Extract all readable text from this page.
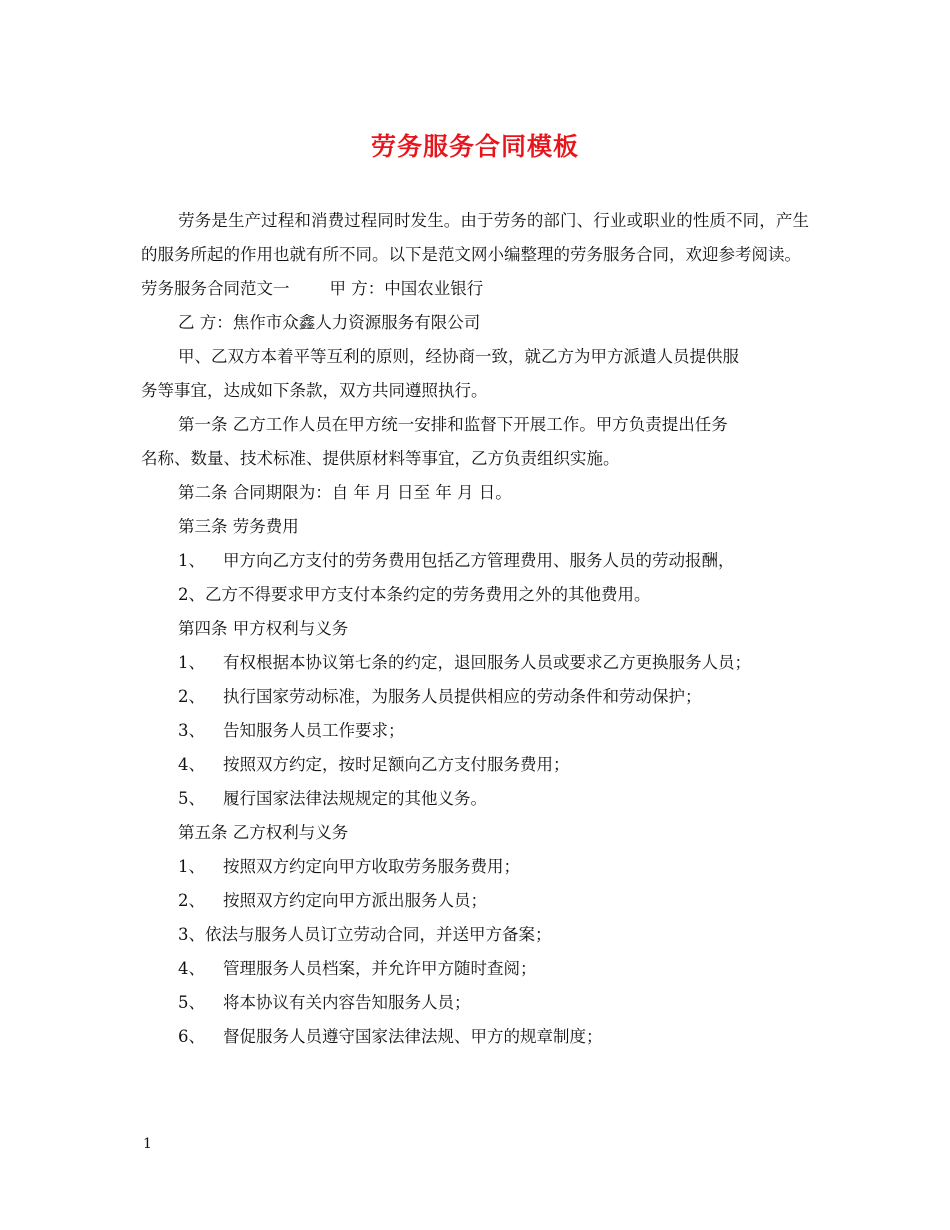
劳务服务合同模板

劳务是生产过程和消费过程同时发生。由于劳务的部门、行业或职业的性质不同，产生的服务所起的作用也就有所不同。以下是范文网小编整理的劳务服务合同，欢迎参考阅读。

劳务服务合同范文一 甲 方：中国农业银行

乙 方：焦作市众鑫人力资源服务有限公司

甲、乙双方本着平等互利的原则，经协商一致，就乙方为甲方派遣人员提供服

务等事宜，达成如下条款，双方共同遵照执行。

第一条 乙方工作人员在甲方统一安排和监督下开展工作。甲方负责提出任务

名称、数量、技术标准、提供原材料等事宜，乙方负责组织实施。

第二条 合同期限为：自 年 月 日至 年 月 日。

第三条 劳务费用

1、 甲方向乙方支付的劳务费用包括乙方管理费用、服务人员的劳动报酬，

2、乙方不得要求甲方支付本条约定的劳务费用之外的其他费用。

第四条 甲方权利与义务

1、 有权根据本协议第七条的约定，退回服务人员或要求乙方更换服务人员；

2、 执行国家劳动标准，为服务人员提供相应的劳动条件和劳动保护；

3、 告知服务人员工作要求；

4、 按照双方约定，按时足额向乙方支付服务费用；

5、 履行国家法律法规规定的其他义务。

第五条 乙方权利与义务

1、 按照双方约定向甲方收取劳务服务费用；

2、 按照双方约定向甲方派出服务人员；

3、依法与服务人员订立劳动合同，并送甲方备案；

4、 管理服务人员档案，并允许甲方随时查阅；

5、 将本协议有关内容告知服务人员；

6、 督促服务人员遵守国家法律法规、甲方的规章制度；

1
